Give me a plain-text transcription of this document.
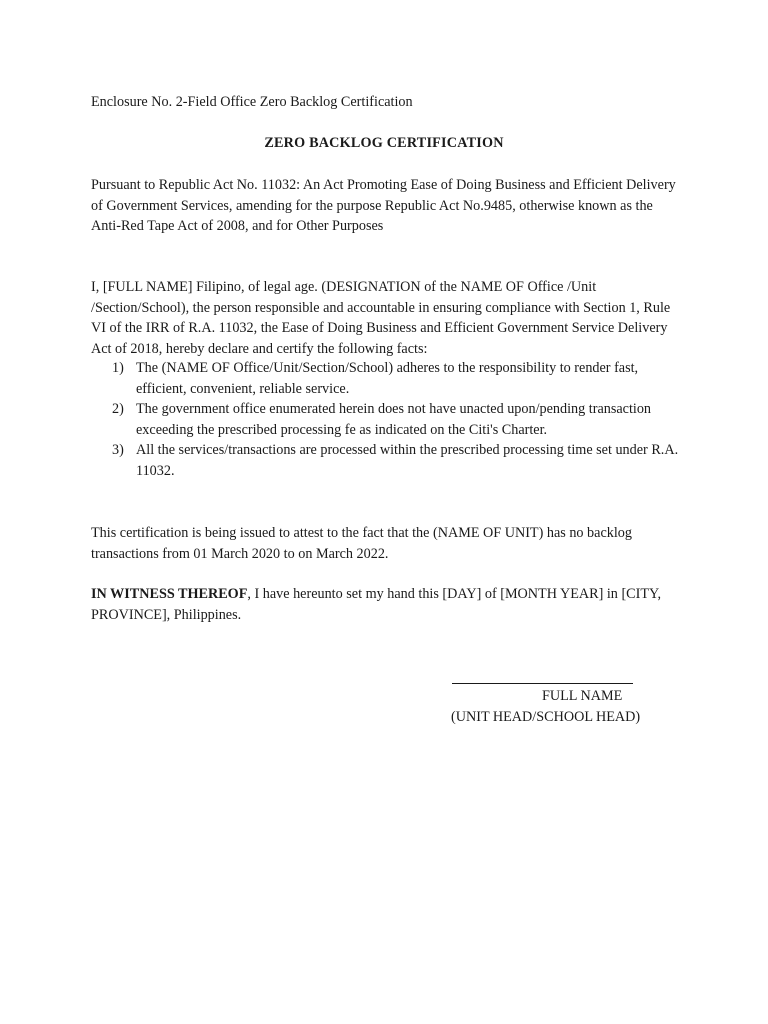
Enclosure No. 2-Field Office Zero Backlog Certification
ZERO BACKLOG CERTIFICATION
Pursuant to Republic Act No. 11032: An Act Promoting Ease of Doing Business and Efficient Delivery of Government Services, amending for the purpose Republic Act No.9485, otherwise known as the Anti-Red Tape Act of 2008, and for Other Purposes
I, [FULL NAME] Filipino, of legal age. (DESIGNATION of the NAME OF Office /Unit /Section/School), the person responsible and accountable in ensuring compliance with Section 1, Rule VI of the IRR of R.A. 11032, the Ease of Doing Business and Efficient Government Service Delivery Act of 2018, hereby declare and certify the following facts:
1) The (NAME OF Office/Unit/Section/School) adheres to the responsibility to render fast, efficient, convenient, reliable service.
2) The government office enumerated herein does not have unacted upon/pending transaction exceeding the prescribed processing fe as indicated on the Citi's Charter.
3) All the services/transactions are processed within the prescribed processing time set under R.A. 11032.
This certification is being issued to attest to the fact that the (NAME OF UNIT) has no backlog transactions from 01 March 2020 to on March 2022.
IN WITNESS THEREOF, I have hereunto set my hand this [DAY] of [MONTH YEAR] in [CITY, PROVINCE], Philippines.
FULL NAME
(UNIT HEAD/SCHOOL HEAD)
